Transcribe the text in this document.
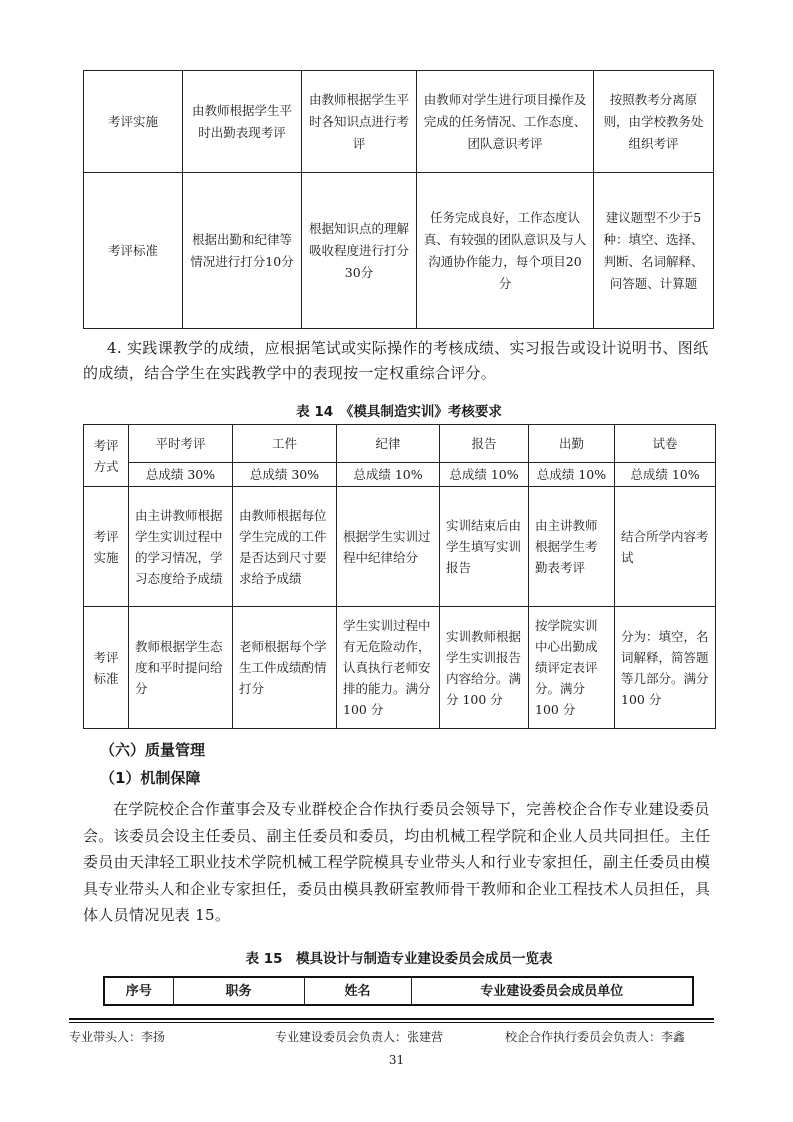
考评实施	由教师根据学生平时出勤表现考评	由教师根据学生平时各知识点进行考评	由教师对学生进行项目操作及完成的任务情况、工作态度、团队意识考评	按照教考分离原则，由学校教务处组织考评
考评标准	根据出勤和纪律等情况进行打分10分	根据知识点的理解吸收程度进行打分30分	任务完成良好，工作态度认真、有较强的团队意识及与人沟通协作能力，每个项目20分	建议题型不少于5种：填空、选择、判断、名词解释、问答题、计算题
4. 实践课教学的成绩，应根据笔试或实际操作的考核成绩、实习报告或设计说明书、图纸的成绩，结合学生在实践教学中的表现按一定权重综合评分。
表 14　《模具制造实训》考核要求
考评方式	平时考评	工件	纪律	报告	出勤	试卷
	总成绩 30%	总成绩 30%	总成绩 10%	总成绩 10%	总成绩 10%	总成绩 10%
考评实施	由主讲教师根据学生实训过程中的学习情况，学习态度给予成绩	由教师根据每位学生完成的工件是否达到尺寸要求给予成绩	根据学生实训过程中纪律给分	实训结束后由学生填写实训报告	由主讲教师根据学生考勤表考评	结合所学内容考试
考评标准	教师根据学生态度和平时提问给分	老师根据每个学生工件成绩酌情打分	学生实训过程中有无危险动作，认真执行老师安排的能力。满分 100 分	实训教师根据学生实训报告内容给分。满分 100 分	按学院实训中心出勤成绩评定表评分。满分 100 分	分为：填空，名词解释，简答题等几部分。满分 100 分
（六）质量管理
（1）机制保障
在学院校企合作董事会及专业群校企合作执行委员会领导下，完善校企合作专业建设委员会。该委员会设主任委员、副主任委员和委员，均由机械工程学院和企业人员共同担任。主任委员由天津轻工职业技术学院机械工程学院模具专业带头人和行业专家担任，副主任委员由模具专业带头人和企业专家担任，委员由模具教研室教师骨干教师和企业工程技术人员担任，具体人员情况见表 15。
表 15　模具设计与制造专业建设委员会成员一览表
序号	职务	姓名	专业建设委员会成员单位
专业带头人：李扬	专业建设委员会负责人：张建营	校企合作执行委员会负责人：李鑫
31
